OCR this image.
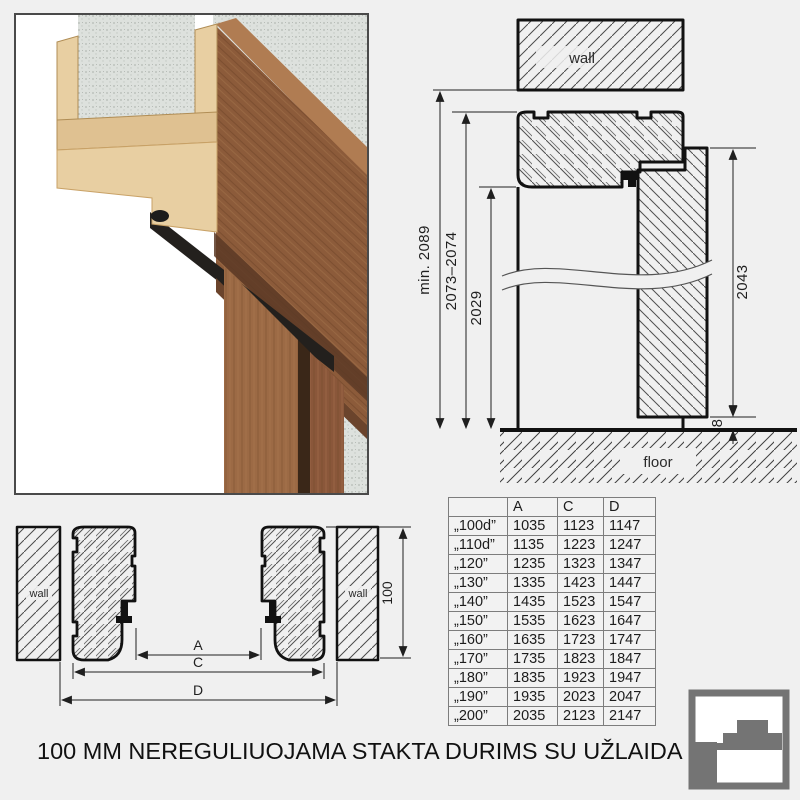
wall
floor
min. 2089 2073–2074 2029
2043
8
wall	wall
A
C
D
100
	A	C	D
„100d”	1035	1123	1147
„110d”	1135	1223	1247
„120”	1235	1323	1347
„130”	1335	1423	1447
„140”	1435	1523	1547
„150”	1535	1623	1647
„160”	1635	1723	1747
„170”	1735	1823	1847
„180”	1835	1923	1947
„190”	1935	2023	2047
„200”	2035	2123	2147
100 MM NEREGULIUOJAMA STAKTA DURIMS SU UŽLAIDA
